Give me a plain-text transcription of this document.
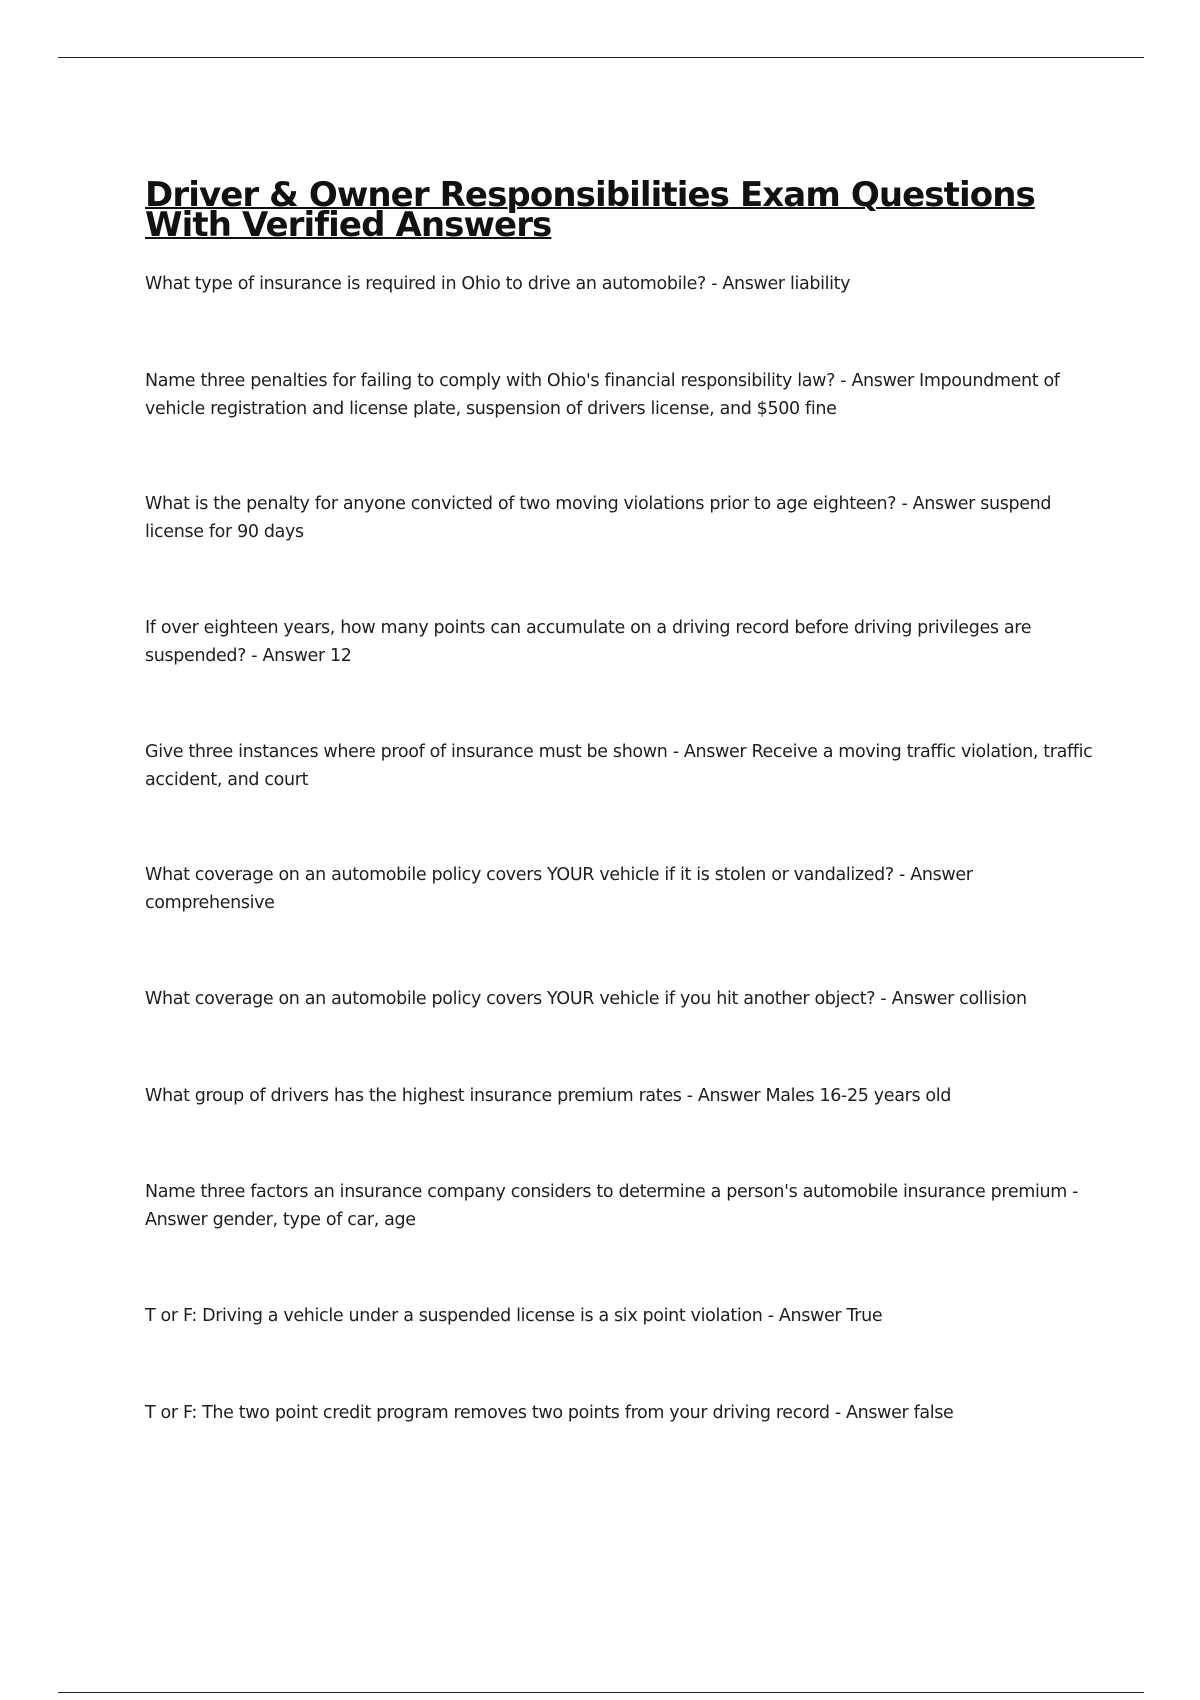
Driver & Owner Responsibilities Exam Questions With Verified Answers

What type of insurance is required in Ohio to drive an automobile? - Answer liability

Name three penalties for failing to comply with Ohio's financial responsibility law? - Answer Impoundment of vehicle registration and license plate, suspension of drivers license, and $500 fine

What is the penalty for anyone convicted of two moving violations prior to age eighteen? - Answer suspend license for 90 days

If over eighteen years, how many points can accumulate on a driving record before driving privileges are suspended? - Answer 12

Give three instances where proof of insurance must be shown - Answer Receive a moving traffic violation, traffic accident, and court

What coverage on an automobile policy covers YOUR vehicle if it is stolen or vandalized? - Answer comprehensive

What coverage on an automobile policy covers YOUR vehicle if you hit another object? - Answer collision

What group of drivers has the highest insurance premium rates - Answer Males 16-25 years old

Name three factors an insurance company considers to determine a person's automobile insurance premium - Answer gender, type of car, age

T or F: Driving a vehicle under a suspended license is a six point violation - Answer True

T or F: The two point credit program removes two points from your driving record - Answer false
